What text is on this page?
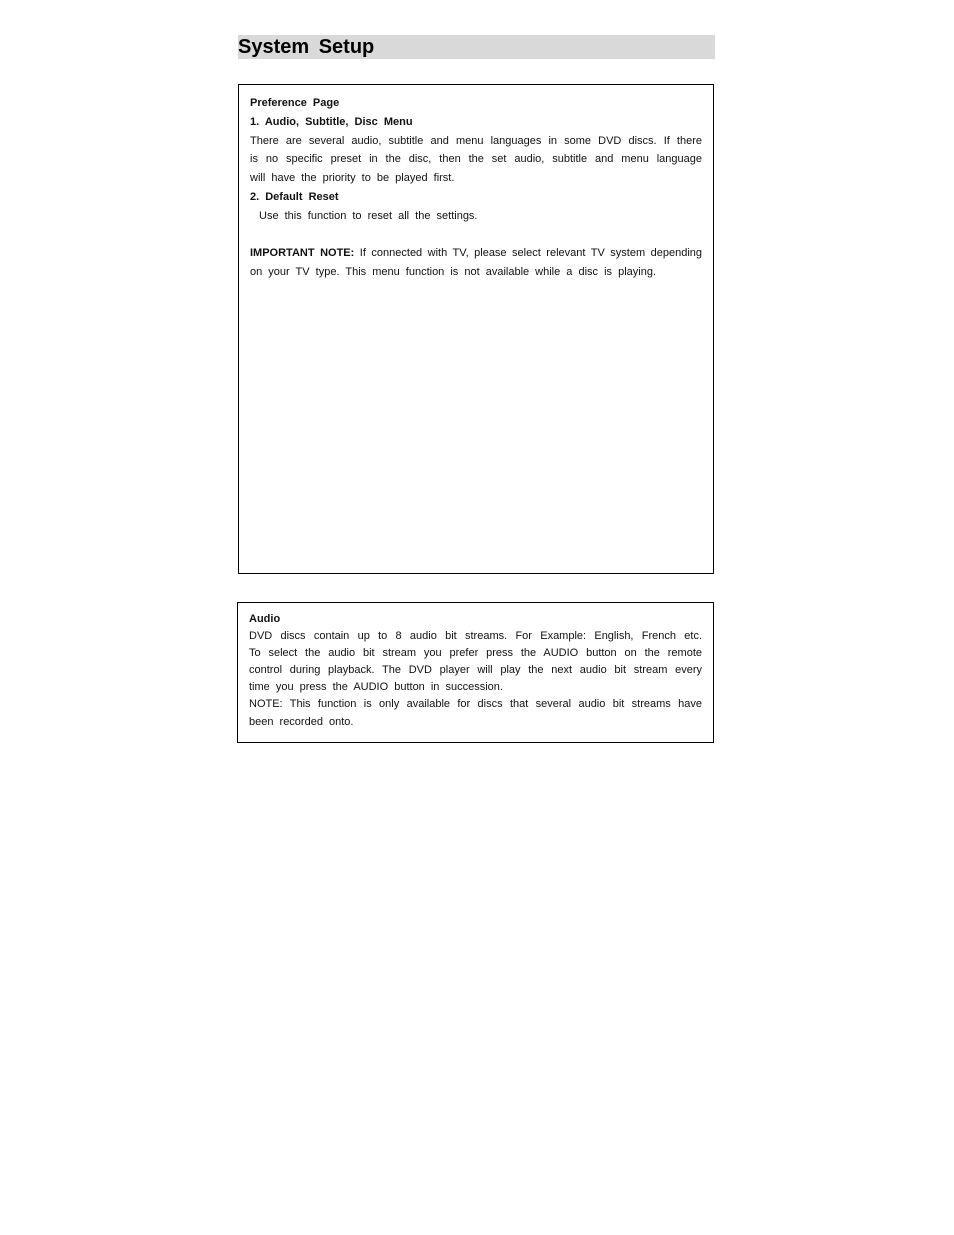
System Setup
Preference Page
1. Audio, Subtitle, Disc Menu
There are several audio, subtitle and menu languages in some DVD discs. If there
is no specific preset in the disc, then the set audio, subtitle and menu language
will have the priority to be played first.
2. Default Reset
Use this function to reset all the settings.
IMPORTANT NOTE: If connected with TV, please select relevant TV system depending
on your TV type. This menu function is not available while a disc is playing.
Audio
DVD discs contain up to 8 audio bit streams. For Example: English, French etc.
To select the audio bit stream you prefer press the AUDIO button on the remote
control during playback. The DVD player will play the next audio bit stream every
time you press the AUDIO button in succession.
NOTE: This function is only available for discs that several audio bit streams have
been recorded onto.
